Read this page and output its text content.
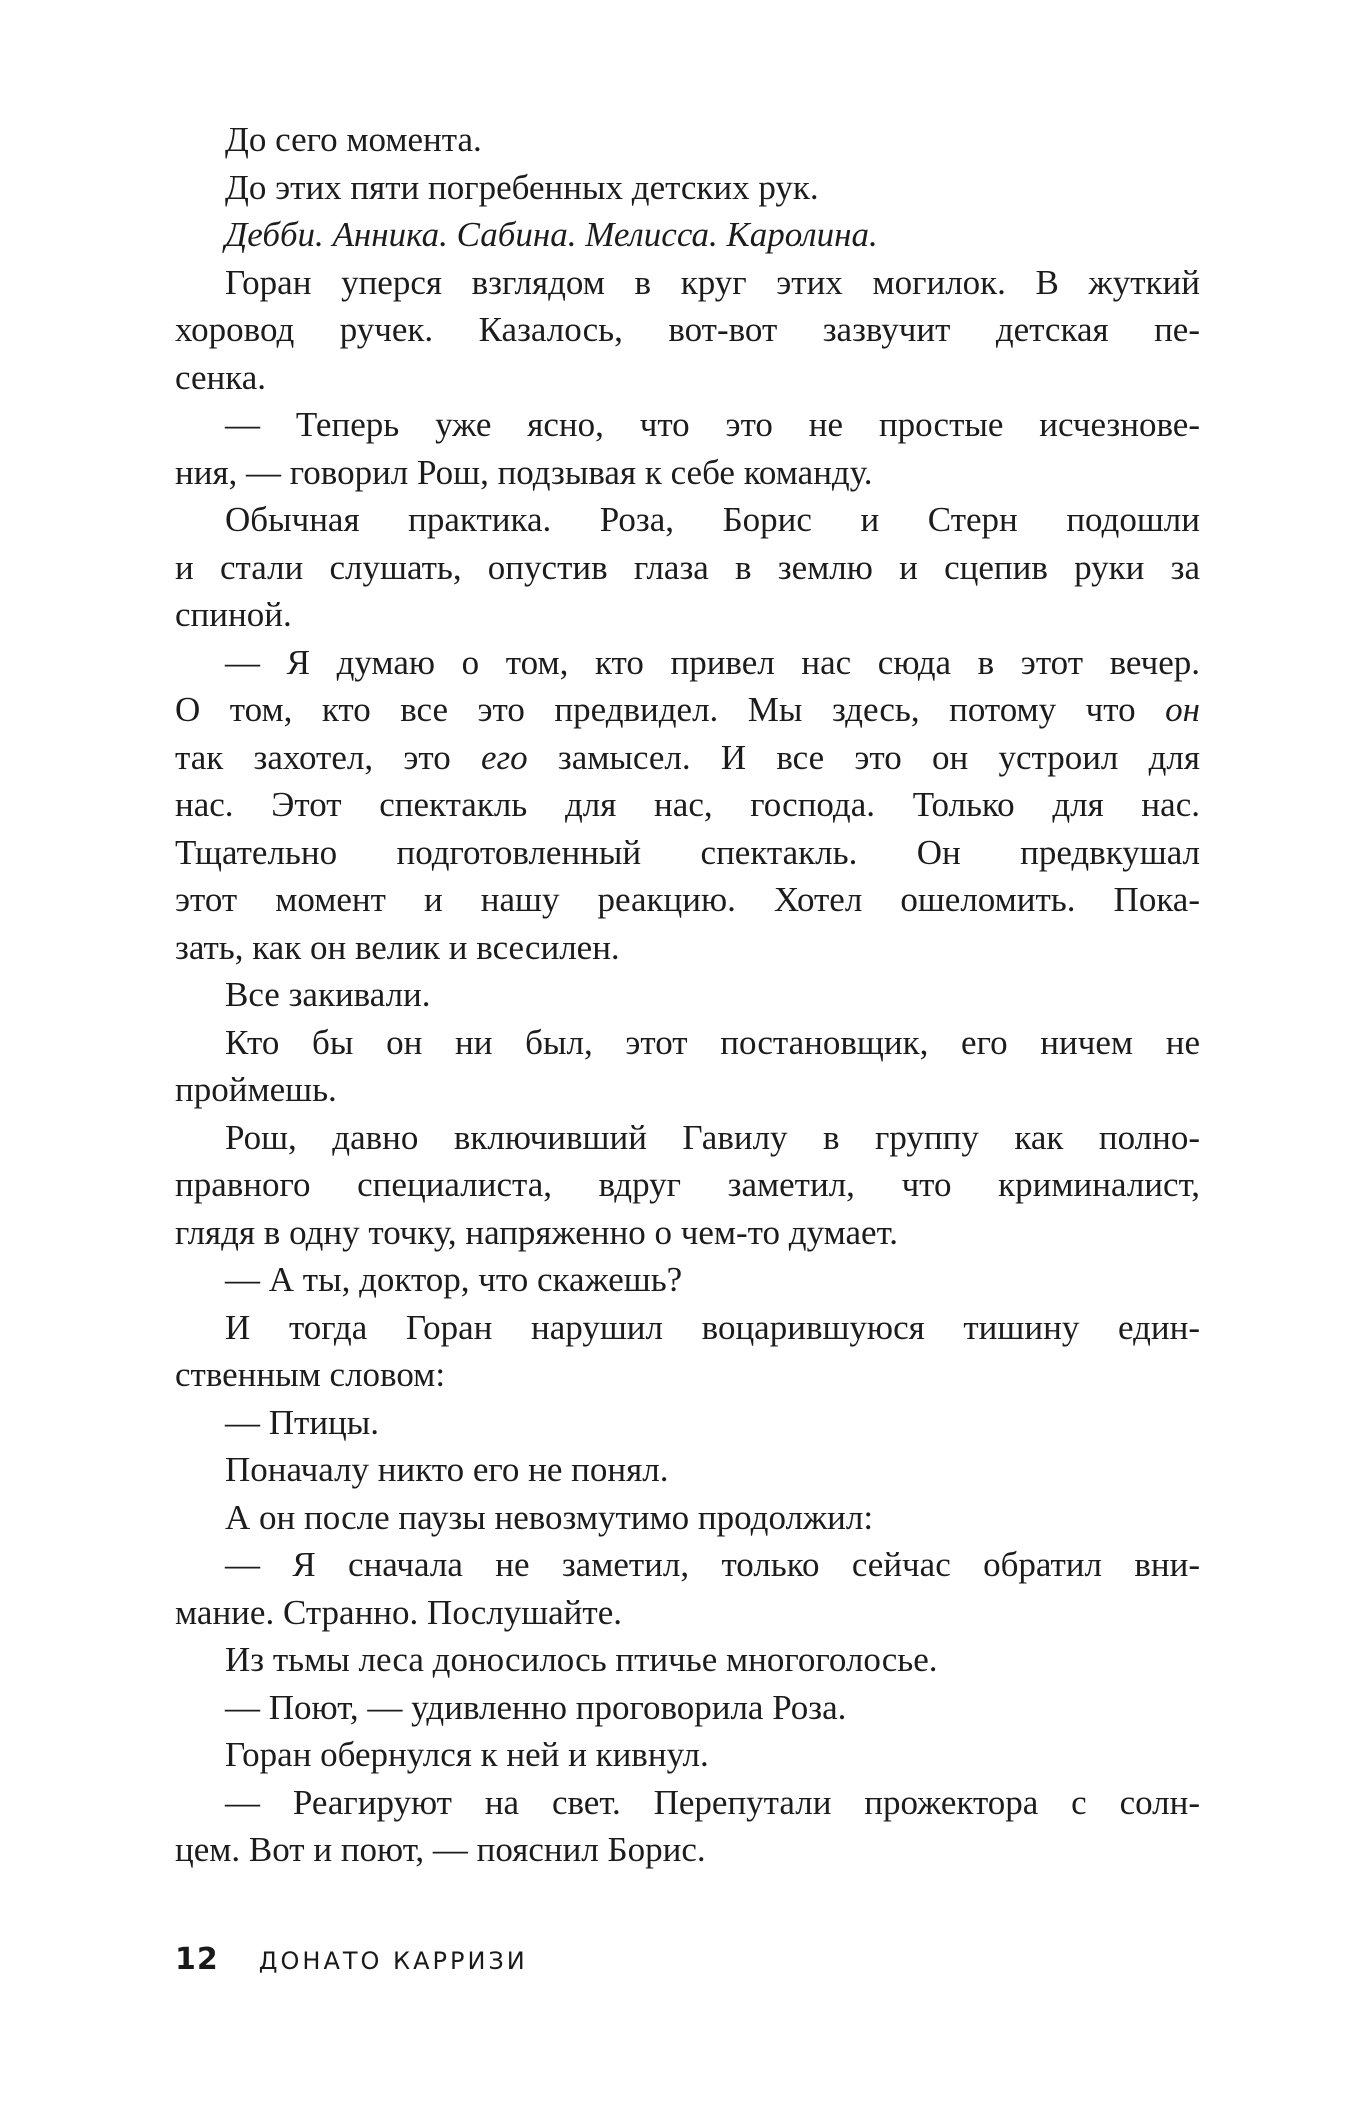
До сего момента.
До этих пяти погребенных детских рук.
Дебби. Анника. Сабина. Мелисса. Каролина.
Горан уперся взглядом в круг этих могилок. В жуткий
хоровод ручек. Казалось, вот-вот зазвучит детская пе-
сенка.
— Теперь уже ясно, что это не простые исчезнове-
ния, — говорил Рош, подзывая к себе команду.
Обычная практика. Роза, Борис и Стерн подошли
и стали слушать, опустив глаза в землю и сцепив руки за
спиной.
— Я думаю о том, кто привел нас сюда в этот вечер.
О том, кто все это предвидел. Мы здесь, потому что он
так захотел, это его замысел. И все это он устроил для
нас. Этот спектакль для нас, господа. Только для нас.
Тщательно подготовленный спектакль. Он предвкушал
этот момент и нашу реакцию. Хотел ошеломить. Пока-
зать, как он велик и всесилен.
Все закивали.
Кто бы он ни был, этот постановщик, его ничем не
проймешь.
Рош, давно включивший Гавилу в группу как полно-
правного специалиста, вдруг заметил, что криминалист,
глядя в одну точку, напряженно о чем-то думает.
— А ты, доктор, что скажешь?
И тогда Горан нарушил воцарившуюся тишину един-
ственным словом:
— Птицы.
Поначалу никто его не понял.
А он после паузы невозмутимо продолжил:
— Я сначала не заметил, только сейчас обратил вни-
мание. Странно. Послушайте.
Из тьмы леса доносилось птичье многоголосье.
— Поют, — удивленно проговорила Роза.
Горан обернулся к ней и кивнул.
— Реагируют на свет. Перепутали прожектора с солн-
цем. Вот и поют, — пояснил Борис.
12 ДОНАТО КАРРИЗИ
